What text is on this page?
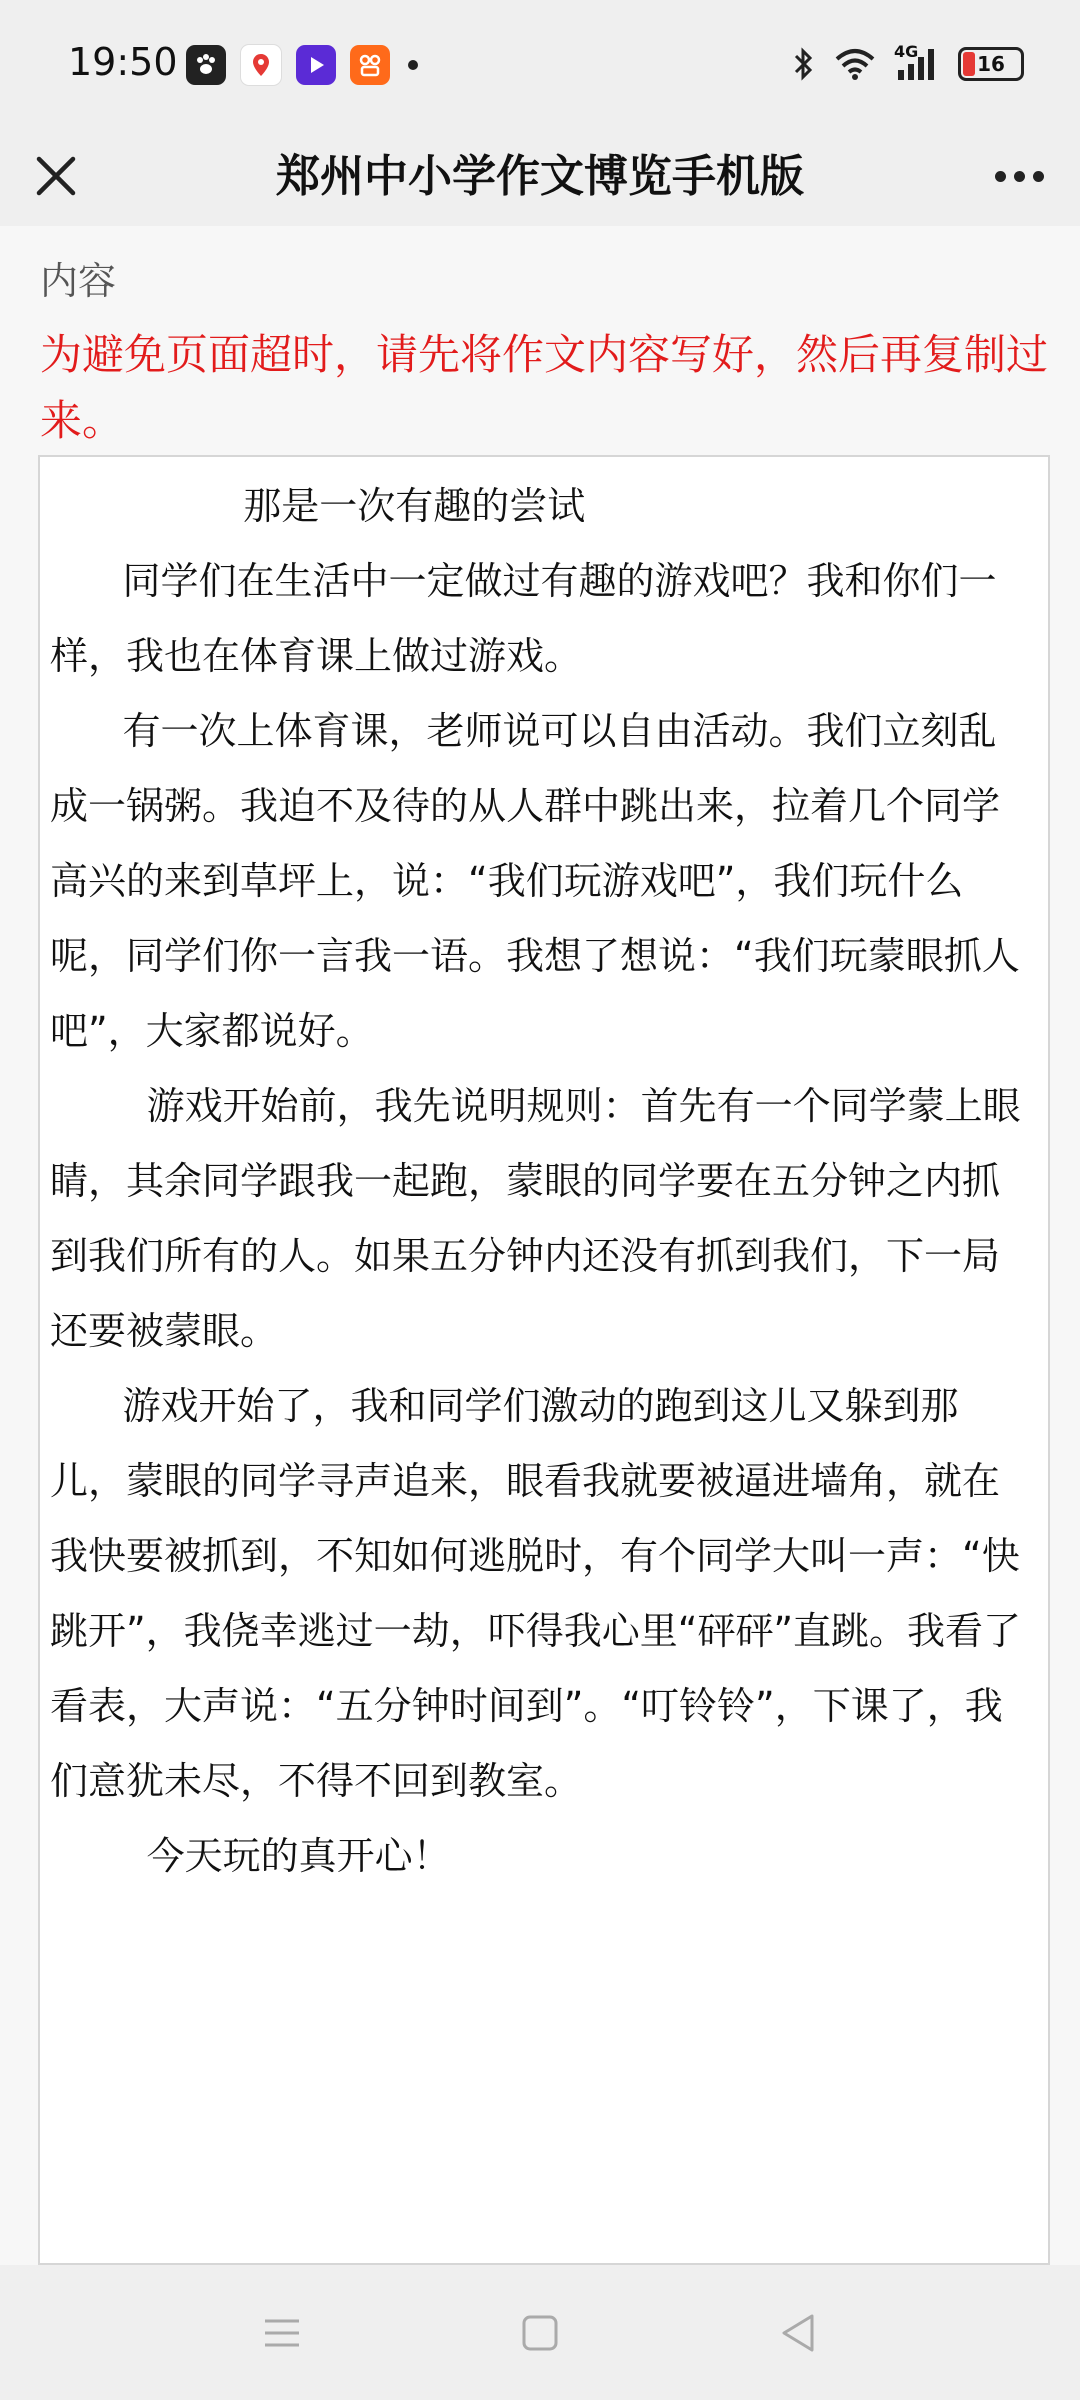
19:50	4G
16
郑州中小学作文博览手机版
内容
为避免页面超时，请先将作文内容写好，然后再复制过来。
那是一次有趣的尝试
同学们在生活中一定做过有趣的游戏吧？我和你们一样，我也在体育课上做过游戏。
有一次上体育课，老师说可以自由活动。我们立刻乱成一锅粥。我迫不及待的从人群中跳出来，拉着几个同学高兴的来到草坪上，说：“我们玩游戏吧”，我们玩什么呢，同学们你一言我一语。我想了想说：“我们玩蒙眼抓人吧”，大家都说好。
游戏开始前，我先说明规则：首先有一个同学蒙上眼睛，其余同学跟我一起跑，蒙眼的同学要在五分钟之内抓到我们所有的人。如果五分钟内还没有抓到我们，下一局还要被蒙眼。
游戏开始了，我和同学们激动的跑到这儿又躲到那儿，蒙眼的同学寻声追来，眼看我就要被逼进墙角，就在我快要被抓到，不知如何逃脱时，有个同学大叫一声：“快跳开”，我侥幸逃过一劫，吓得我心里“砰砰”直跳。我看了看表，大声说：“五分钟时间到”。“叮铃铃”，下课了，我们意犹未尽，不得不回到教室。
今天玩的真开心！
